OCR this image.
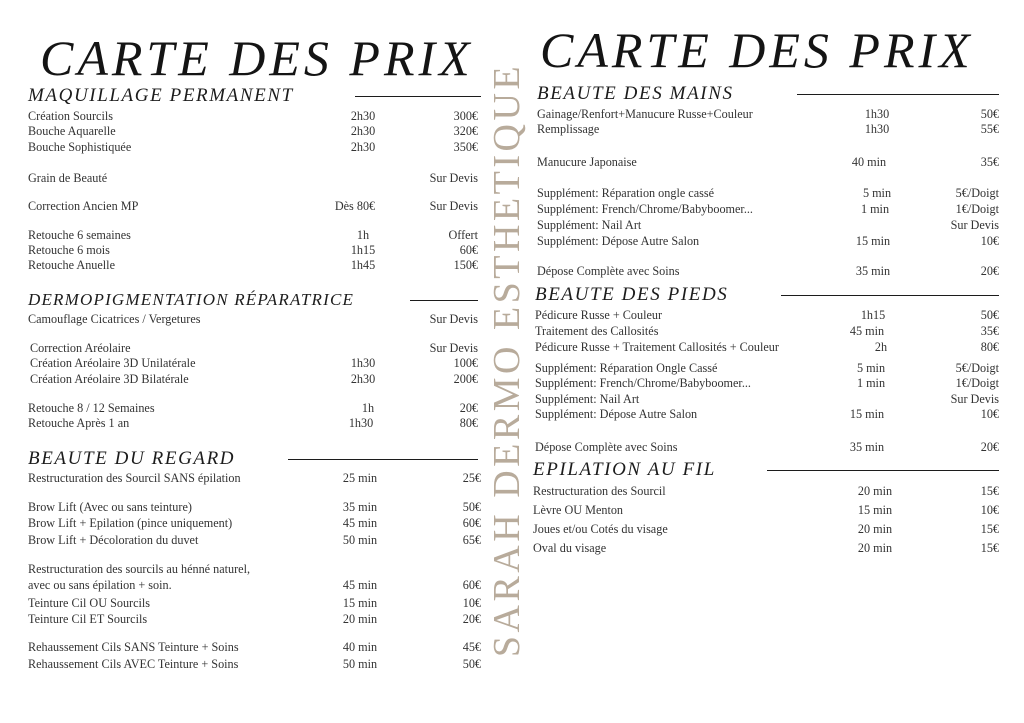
CARTE DES PRIX CARTE DES PRIX
SARAH DERMO ESTHETIQUE
MAQUILLAGE PERMANENT
Création Sourcils	2h30	300€
Bouche Aquarelle	2h30	320€
Bouche Sophistiquée	2h30	350€
Grain de Beauté	Sur Devis
Correction Ancien MP	Dès 80€	Sur Devis
Retouche 6 semaines	1h	Offert
Retouche 6 mois	1h15	60€
Retouche Anuelle	1h45	150€
DERMOPIGMENTATION RÉPARATRICE
Camouflage Cicatrices / Vergetures	Sur Devis
Correction Aréolaire	Sur Devis
Création Aréolaire 3D Unilatérale	1h30	100€
Création Aréolaire 3D Bilatérale	2h30	200€
Retouche 8 / 12 Semaines	1h	20€
Retouche Après 1 an	1h30	80€
BEAUTE DU REGARD
Restructuration des Sourcil SANS épilation	25 min	25€
Brow Lift (Avec ou sans teinture)	35 min	50€
Brow Lift + Epilation (pince uniquement)	45 min	60€
Brow Lift + Décoloration du duvet	50 min	65€
Restructuration des sourcils au hénné naturel,
avec ou sans épilation + soin.	45 min	60€
Teinture Cil OU Sourcils	15 min	10€
Teinture Cil ET Sourcils	20 min	20€
Rehaussement Cils SANS Teinture + Soins	40 min	45€
Rehaussement Cils AVEC Teinture + Soins	50 min	50€
BEAUTE DES MAINS
Gainage/Renfort+Manucure Russe+Couleur	1h30	50€
Remplissage	1h30	55€
Manucure Japonaise	40 min	35€
Supplément: Réparation ongle cassé	5 min	5€/Doigt
Supplément: French/Chrome/Babyboomer...	1 min	1€/Doigt
Supplément: Nail Art	Sur Devis
Supplément: Dépose Autre Salon	15 min	10€
Dépose Complète avec Soins	35 min	20€
BEAUTE DES PIEDS
Pédicure Russe + Couleur	1h15	50€
Traitement des Callosités	45 min	35€
Pédicure Russe + Traitement Callosités + Couleur	2h	80€
Supplément: Réparation Ongle Cassé	5 min	5€/Doigt
Supplément: French/Chrome/Babyboomer...	1 min	1€/Doigt
Supplément: Nail Art	Sur Devis
Supplément: Dépose Autre Salon	15 min	10€
Dépose Complète avec Soins	35 min	20€
EPILATION AU FIL
Restructuration des Sourcil	20 min	15€
Lèvre OU Menton	15 min	10€
Joues et/ou Cotés du visage	20 min	15€
Oval du visage	20 min	15€
